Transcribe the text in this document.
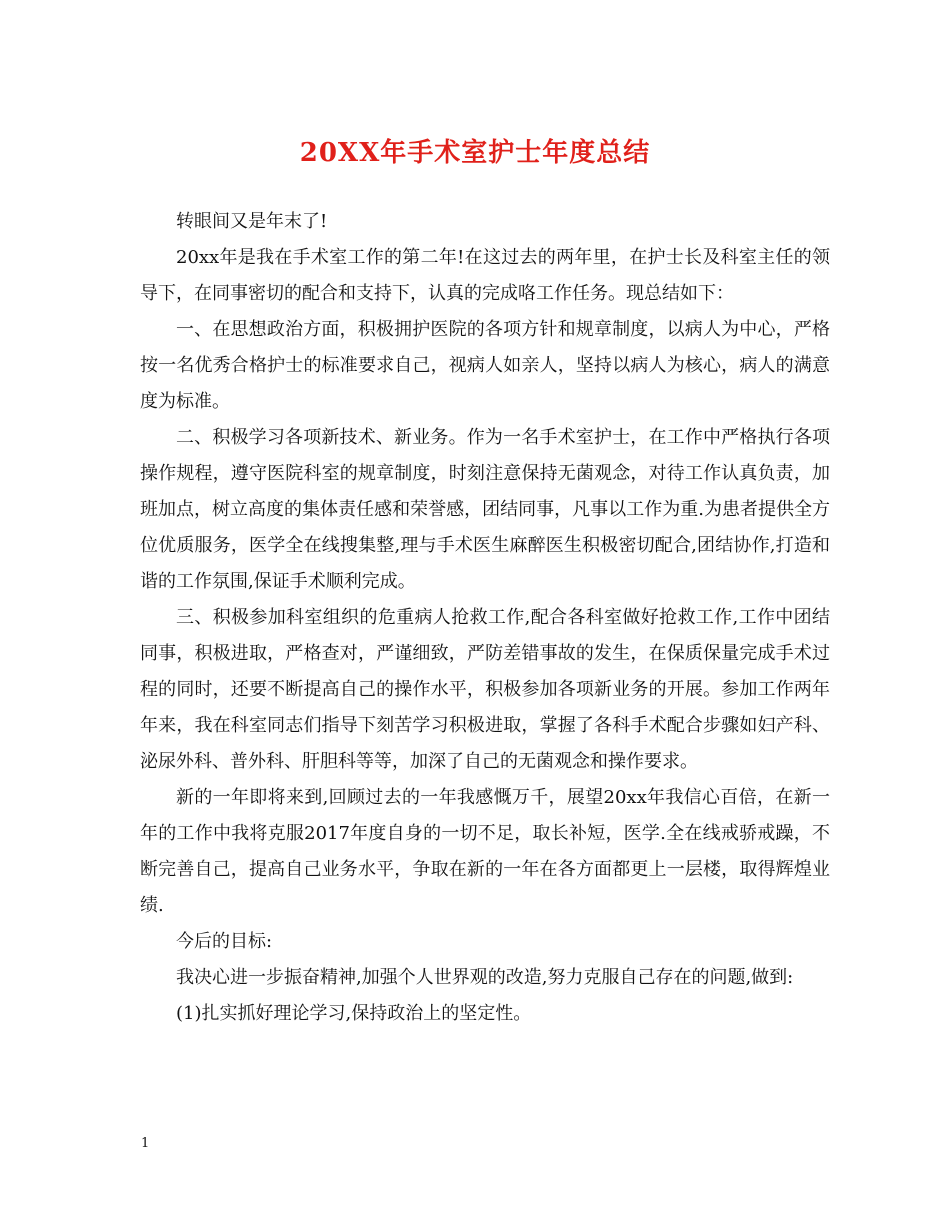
20XX年手术室护士年度总结

转眼间又是年末了!

20xx年是我在手术室工作的第二年!在这过去的两年里，在护士长及科室主任的领导下，在同事密切的配合和支持下，认真的完成咯工作任务。现总结如下：

一、在思想政治方面，积极拥护医院的各项方针和规章制度，以病人为中心，严格按一名优秀合格护士的标准要求自己，视病人如亲人，坚持以病人为核心，病人的满意度为标准。

二、积极学习各项新技术、新业务。作为一名手术室护士，在工作中严格执行各项操作规程，遵守医院科室的规章制度，时刻注意保持无菌观念，对待工作认真负责，加班加点，树立高度的集体责任感和荣誉感，团结同事，凡事以工作为重.为患者提供全方位优质服务，医学全在线搜集整,理与手术医生麻醉医生积极密切配合,团结协作,打造和谐的工作氛围,保证手术顺利完成。

三、积极参加科室组织的危重病人抢救工作,配合各科室做好抢救工作,工作中团结同事，积极进取，严格查对，严谨细致，严防差错事故的发生，在保质保量完成手术过程的同时，还要不断提高自己的操作水平，积极参加各项新业务的开展。参加工作两年年来，我在科室同志们指导下刻苦学习积极进取，掌握了各科手术配合步骤如妇产科、泌尿外科、普外科、肝胆科等等，加深了自己的无菌观念和操作要求。

新的一年即将来到,回顾过去的一年我感慨万千，展望20xx年我信心百倍，在新一年的工作中我将克服2017年度自身的一切不足，取长补短，医学.全在线戒骄戒躁，不断完善自己，提高自己业务水平，争取在新的一年在各方面都更上一层楼，取得辉煌业绩.

今后的目标:

我决心进一步振奋精神,加强个人世界观的改造,努力克服自己存在的问题,做到:

(1)扎实抓好理论学习,保持政治上的坚定性。

1
